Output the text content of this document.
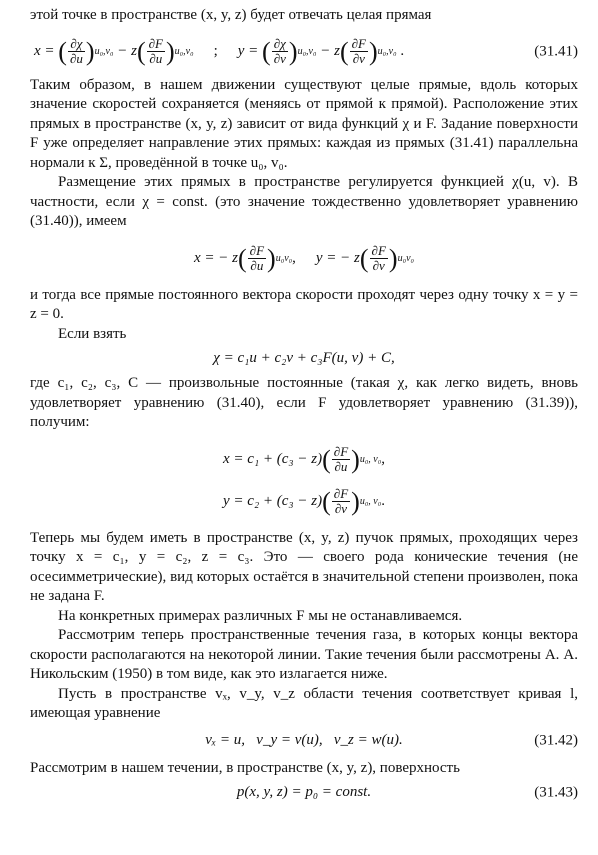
этой точке в пространстве (x, y, z) будет отвечать целая прямая

x =
( $\frac{\partial\chi}{\partial u}$ ) u₀,v₀
− z ( $\frac{\partial F}{\partial u}$ ) u₀,v₀ ; y =
( $\frac{\partial\chi}{\partial v}$ ) u₀,v₀
− z ( $\frac{\partial F}{\partial v}$ ) u₀,v₀
.	(31.41)

Таким образом, в нашем движении существуют целые прямые, вдоль которых значение скоростей сохраняется (меняясь от прямой к прямой). Расположение этих прямых в пространстве (x, y, z) зависит от вида функций χ и F. Задание поверхности F уже определяет направление этих прямых: каждая из прямых (31.41) параллельна нормали к Σ, проведённой в точке u₀, v₀.

Размещение этих прямых в пространстве регулируется функцией χ(u, v). В частности, если χ = const. (это значение тождественно удовлетворяет уравнению (31.40)), имеем

x = − z ( $\frac{\partial F}{\partial u}$ ) u₀v₀ , y = − z ( $\frac{\partial F}{\partial v}$ ) u₀v₀

и тогда все прямые постоянного вектора скорости проходят через одну точку x = y = z = 0.

Если взять

χ = c₁u + c₂v + c₃F(u, v) + C,

где c₁, c₂, c₃, C — произвольные постоянные (такая χ, как легко видеть, вновь удовлетворяет уравнению (31.40), если F удовлетворяет уравнению (31.39)), получим:

x = c₁ + (c₃ − z) ( $\frac{\partial F}{\partial u}$ ) u₀, v₀ ,
y = c₂ + (c₃ − z) ( $\frac{\partial F}{\partial v}$ ) u₀, v₀ .

Теперь мы будем иметь в пространстве (x, y, z) пучок прямых, проходящих через точку x = c₁, y = c₂, z = c₃. Это — своего рода конические течения (не осесимметрические), вид которых остаётся в значительной степени произволен, пока не задана F.

На конкретных примерах различных F мы не останавливаемся.

Рассмотрим теперь пространственные течения газа, в которых концы вектора скорости располагаются на некоторой линии. Такие течения были рассмотрены А. А. Никольским (1950) в том виде, как это излагается ниже.

Пусть в пространстве vₓ, v_y, v_z области течения соответствует кривая l, имеющая уравнение

vₓ = u,   v_y = v(u),   v_z = w(u).	(31.42)

Рассмотрим в нашем течении, в пространстве (x, y, z), поверхность

p(x, y, z) = p₀ = const.	(31.43)
